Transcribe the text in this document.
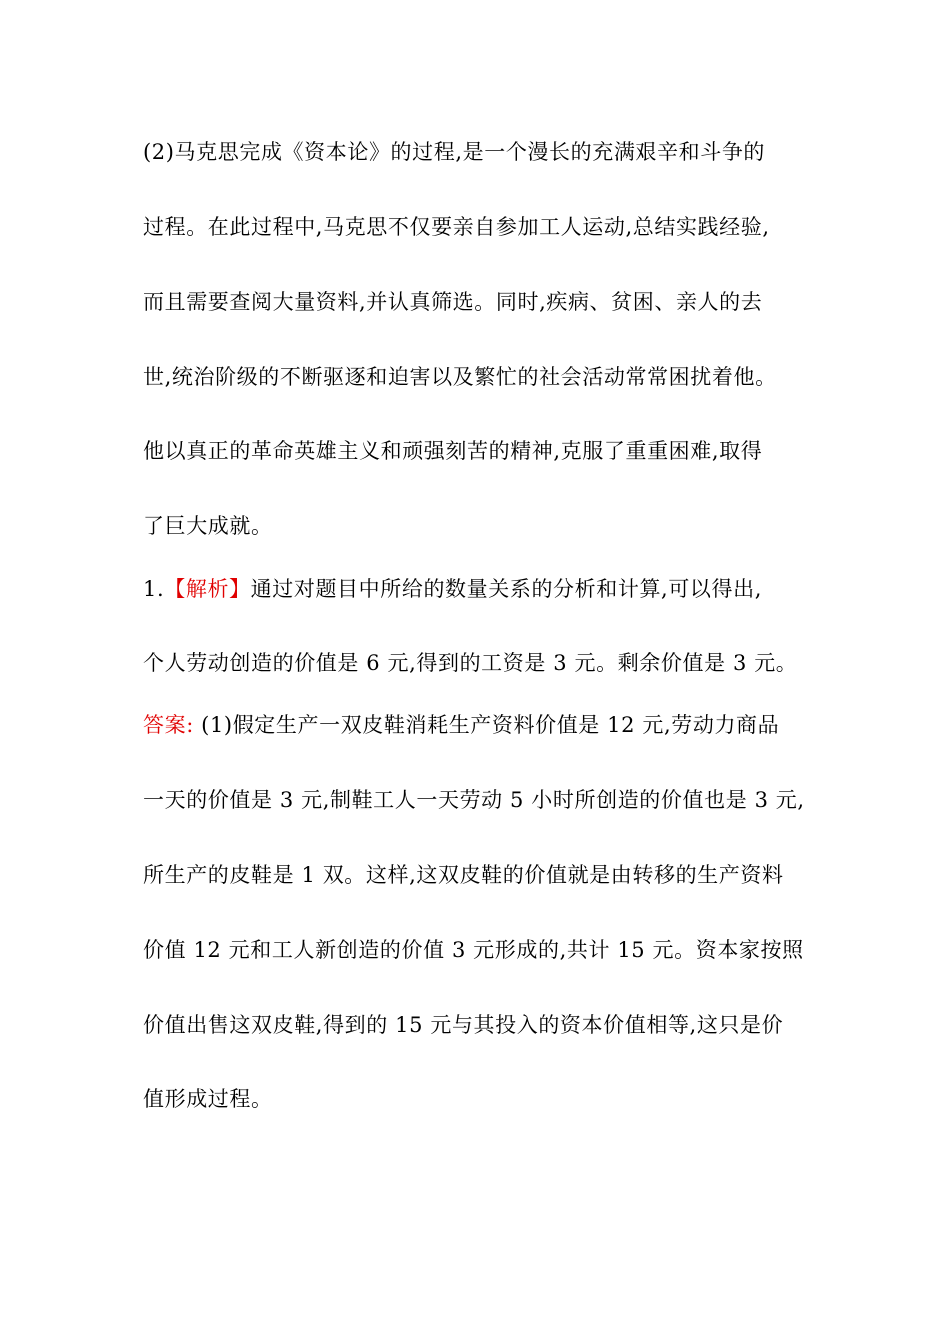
(2)马克思完成《资本论》的过程,是一个漫长的充满艰辛和斗争的
过程。在此过程中,马克思不仅要亲自参加工人运动,总结实践经验,
而且需要查阅大量资料,并认真筛选。同时,疾病、贫困、亲人的去
世,统治阶级的不断驱逐和迫害以及繁忙的社会活动常常困扰着他。
他以真正的革命英雄主义和顽强刻苦的精神,克服了重重困难,取得
了巨大成就。
1.【解析】通过对题目中所给的数量关系的分析和计算,可以得出,
个人劳动创造的价值是 6 元,得到的工资是 3 元。剩余价值是 3 元。
答案: (1)假定生产一双皮鞋消耗生产资料价值是 12 元,劳动力商品
一天的价值是 3 元,制鞋工人一天劳动 5 小时所创造的价值也是 3 元,
所生产的皮鞋是 1 双。这样,这双皮鞋的价值就是由转移的生产资料
价值 12 元和工人新创造的价值 3 元形成的,共计 15 元。资本家按照
价值出售这双皮鞋,得到的 15 元与其投入的资本价值相等,这只是价
值形成过程。
